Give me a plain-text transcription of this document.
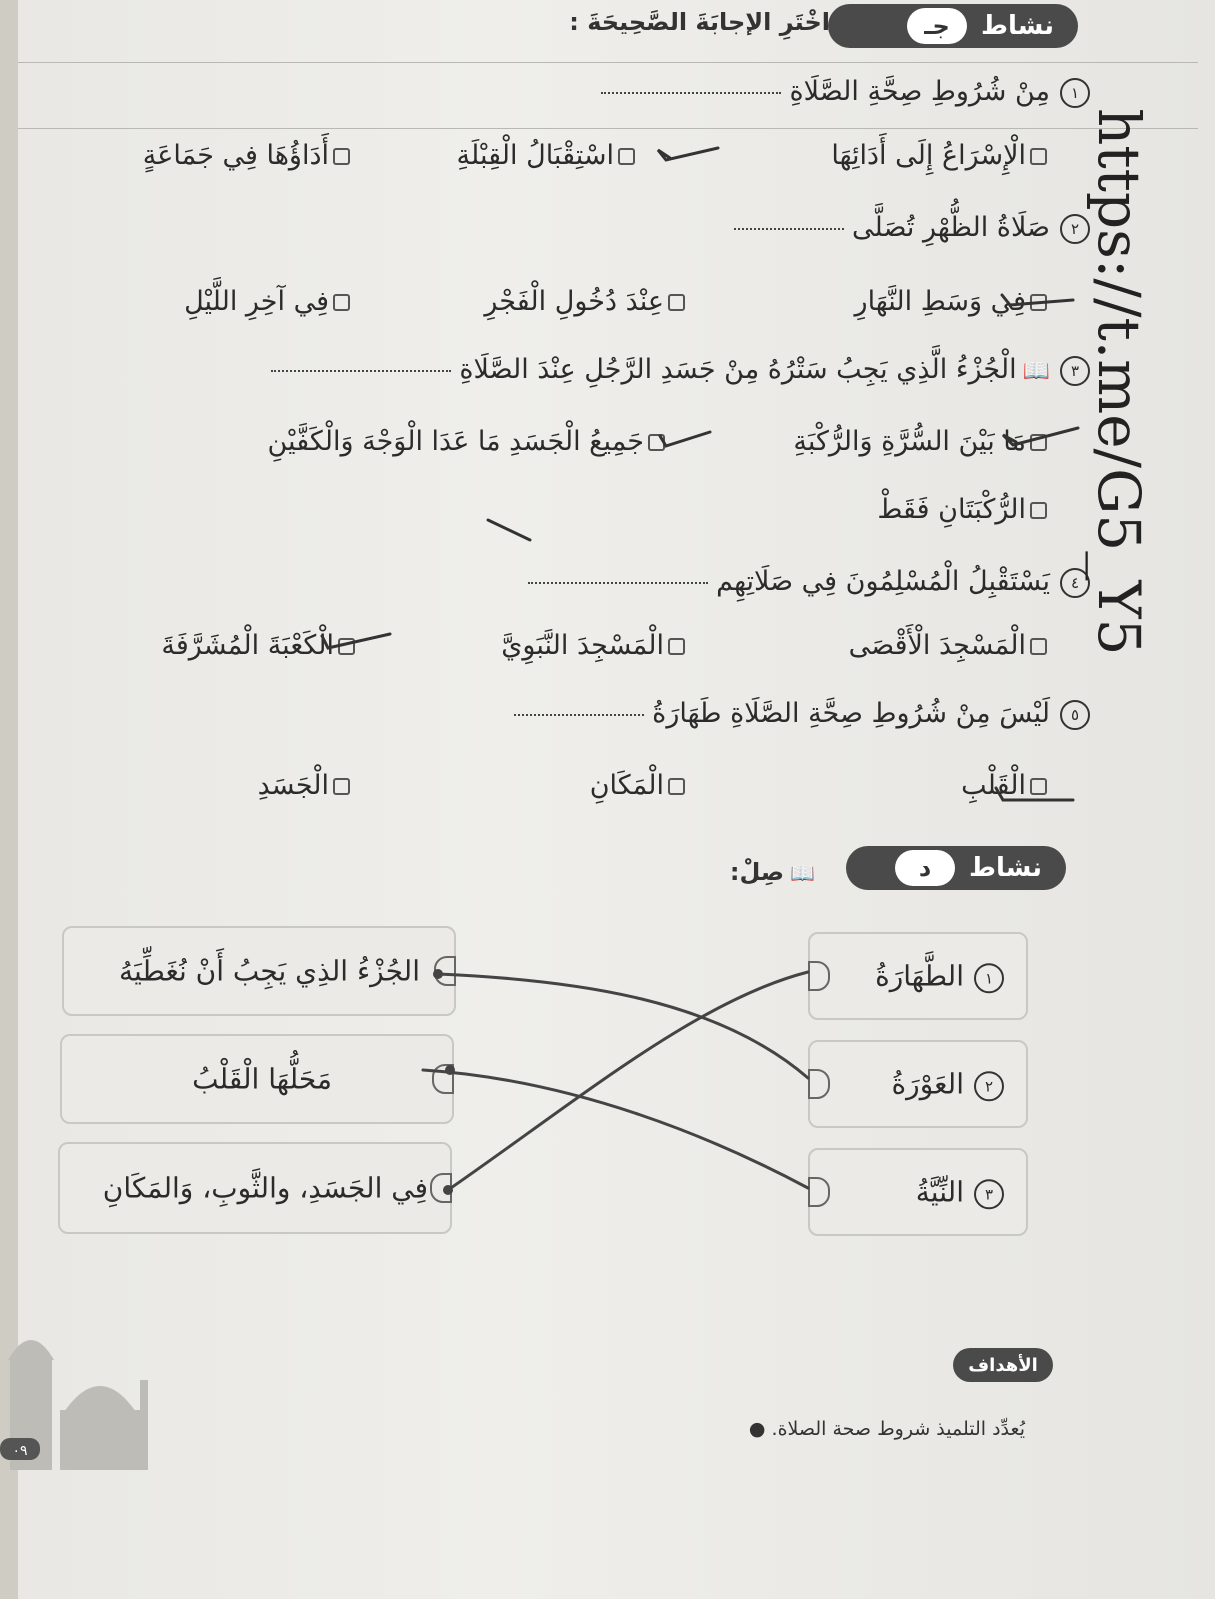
نشاط
جـ
اخْتَرِ الإجابَةَ الصَّحِيحَةَ :
١مِنْ شُرُوطِ صِحَّةِ الصَّلَاةِ
الْإِسْرَاعُ إِلَى أَدَائِهَا
اسْتِقْبَالُ الْقِبْلَةِ
أَدَاؤُهَا فِي جَمَاعَةٍ
٢صَلَاةُ الظُّهْرِ تُصَلَّى
فِي وَسَطِ النَّهَارِ
عِنْدَ دُخُولِ الْفَجْرِ
فِي آخِرِ اللَّيْلِ
٣📖الْجُزْءُ الَّذِي يَجِبُ سَتْرُهُ مِنْ جَسَدِ الرَّجُلِ عِنْدَ الصَّلَاةِ
مَا بَيْنَ السُّرَّةِ وَالرُّكْبَةِ
جَمِيعُ الْجَسَدِ مَا عَدَا الْوَجْهَ وَالْكَفَّيْنِ
الرُّكْبَتَانِ فَقَطْ
٤يَسْتَقْبِلُ الْمُسْلِمُونَ فِي صَلَاتِهِم
الْمَسْجِدَ الْأَقْصَى
الْمَسْجِدَ النَّبَوِيَّ
الْكَعْبَةَ الْمُشَرَّفَةَ
٥لَيْسَ مِنْ شُرُوطِ صِحَّةِ الصَّلَاةِ طَهَارَةُ
الْقَلْبِ
الْمَكَانِ
الْجَسَدِ
نشاط
د
📖صِلْ:
١الطَّهَارَةُ
٢العَوْرَةُ
٣النِّيَّةُ
الجُزْءُ الذِي يَجِبُ أَنْ نُغَطِّيَهُ
مَحَلُّهَا الْقَلْبُ
فِي الجَسَدِ، والثَّوبِ، وَالمَكَانِ
https://t.me/G5_Y5
الأهداف
يُعدِّد التلميذ شروط صحة الصلاة. ●
٠٩
